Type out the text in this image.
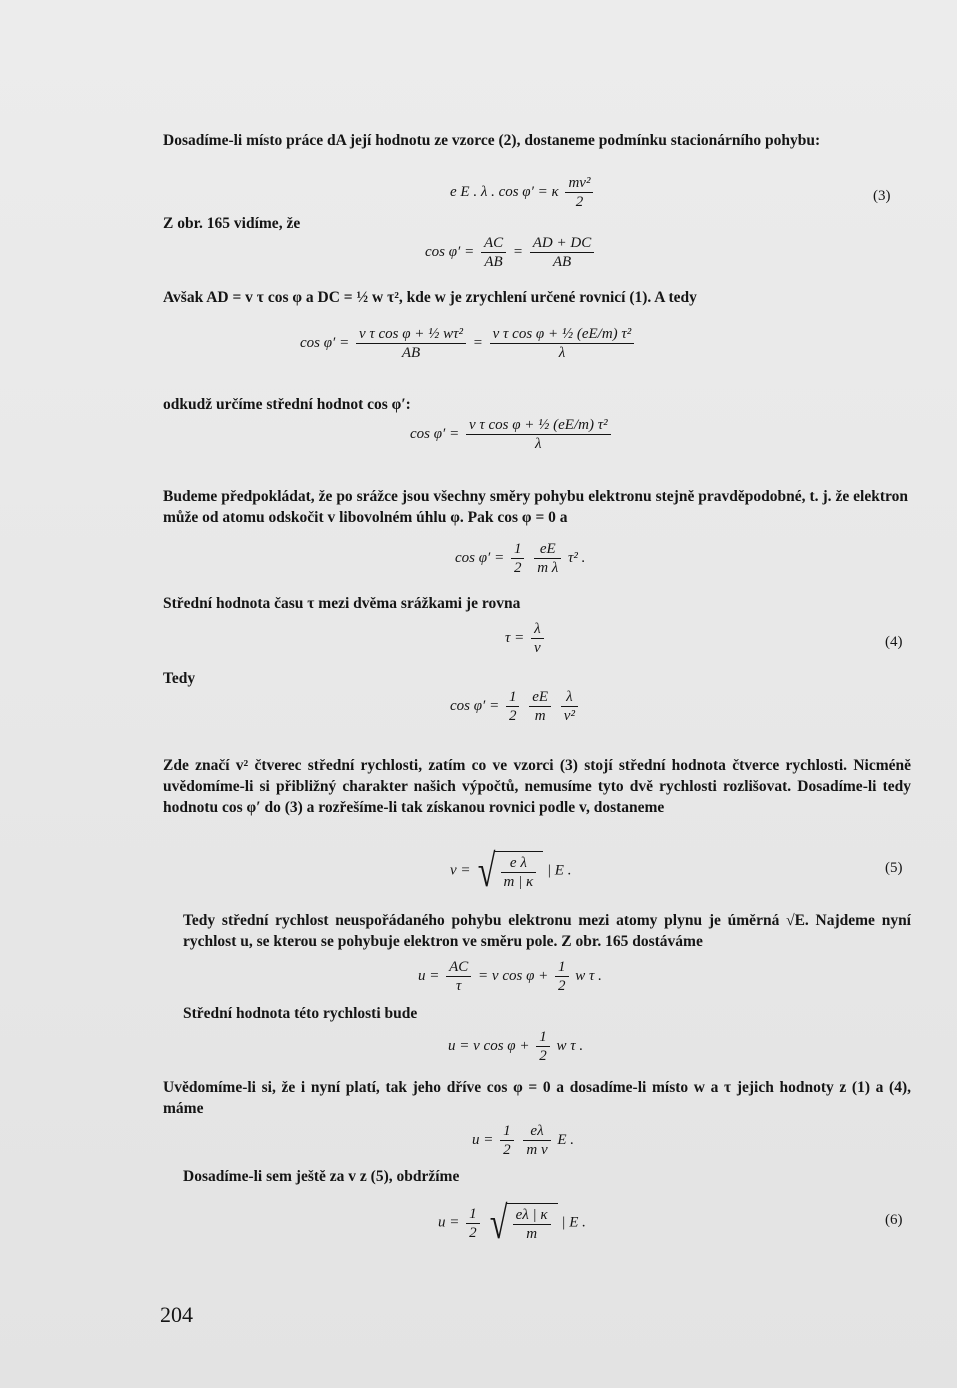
Dosadíme-li místo práce dA její hodnotu ze vzorce (2), dostaneme podmínku stacionárního pohybu:
e E . λ . cos φ′ = κ $\frac{\text{mv²}}{2}$	(3)
Z obr. 165 vidíme, že
$\cos \varphi' = \frac{AC}{AB} = \frac{AD + DC}{AB}$
Avšak AD = v τ cos φ a DC = ½ w τ², kde w je zrychlení určené rovnicí (1). A tedy
$\cos \varphi' = \frac{\text{v τ cos φ + ½ wτ²}}{AB} = \frac{\text{v τ cos φ + ½ (eE/m) τ²}}{\lambda}$
odkudž určíme střední hodnot cos φ′:
$\cos \varphi' = \frac{\text{v τ cos φ + ½ (eE/m) τ²}}{\lambda}$
Budeme předpokládat, že po srážce jsou všechny směry pohybu elektronu stejně pravděpodobné, t. j. že elektron může od atomu odskočit v libovolném úhlu φ. Pak cos φ = 0 a
$\cos \varphi' = \frac{1}{2}$
$\frac{eE}{\text{m λ}} \tau^2$ .
Střední hodnota času τ mezi dvěma srážkami je rovna
$\tau = \frac{\lambda}{v}$	(4)
Tedy
$\cos \varphi' = \frac{1}{2}$
$\frac{eE}{m}$
$\frac{\lambda}{\text{v²}}$
Zde značí v² čtverec střední rychlosti, zatím co ve vzorci (3) stojí střední hodnota čtverce rychlosti. Nicméně uvědomíme-li si přibližný charakter našich výpočtů, nemusíme tyto dvě rychlosti rozlišovat. Dosadíme-li tedy hodnotu cos φ′ do (3) a rozřešíme-li tak získanou rovnici podle v, dostaneme
v = √ $\frac{\text{e λ}}{m | \kappa}$ | E .	(5)
Tedy střední rychlost neuspořádaného pohybu elektronu mezi atomy plynu je úměrná √E. Najdeme nyní rychlost u, se kterou se pohybuje elektron ve směru pole. Z obr. 165 dostáváme
$u = \frac{AC}{\tau} = v$ $\cos \varphi + \frac{1}{2}$ w τ .
Střední hodnota této rychlosti bude
u = v $\cos \varphi + \frac{1}{2}$ w τ .
Uvědomíme-li si, že i nyní platí, tak jeho dříve cos φ = 0 a dosadíme-li místo w a τ jejich hodnoty z (1) a (4), máme
$u = \frac{1}{2}$
$\frac{e\lambda}{\text{m v}}$ E .
Dosadíme-li sem ještě za v z (5), obdržíme
$u = \frac{1}{2}$ √ $\frac{e\lambda | \kappa}{m}$ | E .	(6)
204
